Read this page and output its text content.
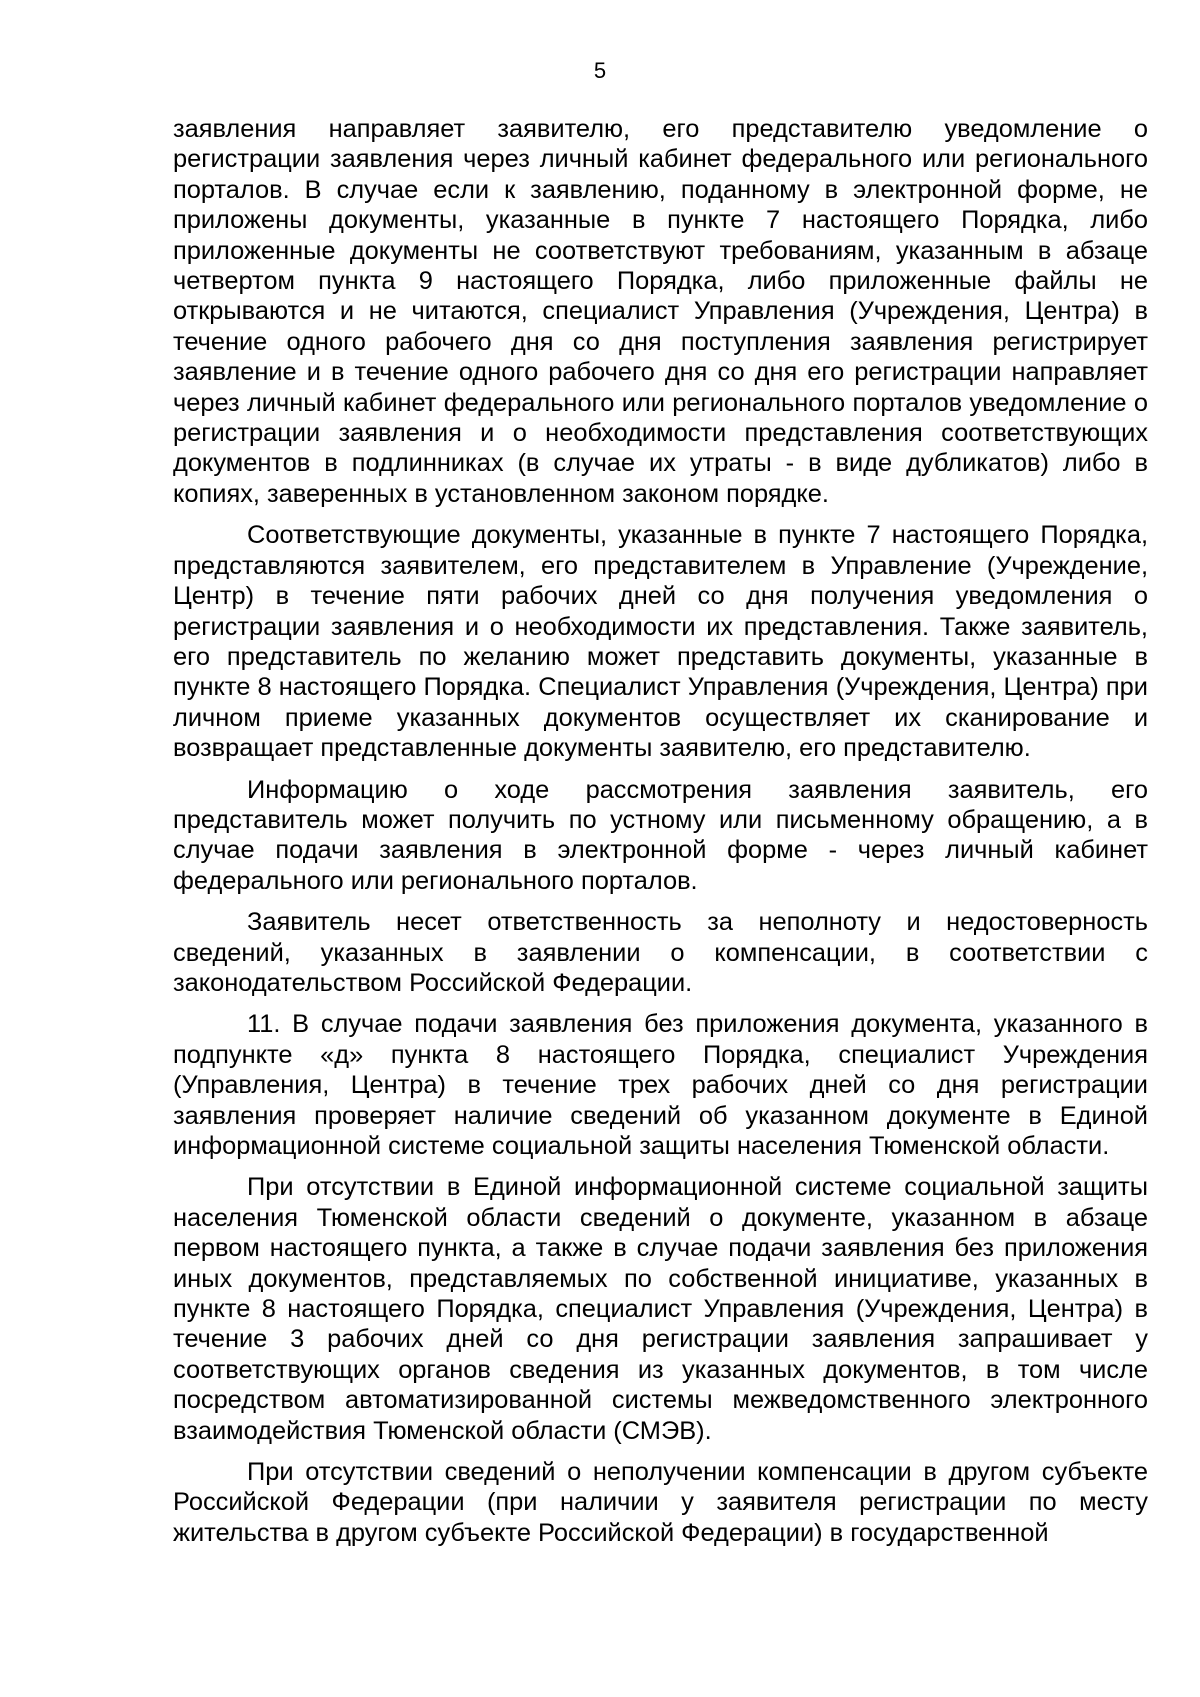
5

заявления направляет заявителю, его представителю уведомление о регистрации заявления через личный кабинет федерального или регионального порталов. В случае если к заявлению, поданному в электронной форме, не приложены документы, указанные в пункте 7 настоящего Порядка, либо приложенные документы не соответствуют требованиям, указанным в абзаце четвертом пункта 9 настоящего Порядка, либо приложенные файлы не открываются и не читаются, специалист Управления (Учреждения, Центра) в течение одного рабочего дня со дня поступления заявления регистрирует заявление и в течение одного рабочего дня со дня его регистрации направляет через личный кабинет федерального или регионального порталов уведомление о регистрации заявления и о необходимости представления соответствующих документов в подлинниках (в случае их утраты - в виде дубликатов) либо в копиях, заверенных в установленном законом порядке.

Соответствующие документы, указанные в пункте 7 настоящего Порядка, представляются заявителем, его представителем в Управление (Учреждение, Центр) в течение пяти рабочих дней со дня получения уведомления о регистрации заявления и о необходимости их представления. Также заявитель, его представитель по желанию может представить документы, указанные в пункте 8 настоящего Порядка. Специалист Управления (Учреждения, Центра) при личном приеме указанных документов осуществляет их сканирование и возвращает представленные документы заявителю, его представителю.

Информацию о ходе рассмотрения заявления заявитель, его представитель может получить по устному или письменному обращению, а в случае подачи заявления в электронной форме - через личный кабинет федерального или регионального порталов.

Заявитель несет ответственность за неполноту и недостоверность сведений, указанных в заявлении о компенсации, в соответствии с законодательством Российской Федерации.

11. В случае подачи заявления без приложения документа, указанного в подпункте «д» пункта 8 настоящего Порядка, специалист Учреждения (Управления, Центра) в течение трех рабочих дней со дня регистрации заявления проверяет наличие сведений об указанном документе в Единой информационной системе социальной защиты населения Тюменской области.

При отсутствии в Единой информационной системе социальной защиты населения Тюменской области сведений о документе, указанном в абзаце первом настоящего пункта, а также в случае подачи заявления без приложения иных документов, представляемых по собственной инициативе, указанных в пункте 8 настоящего Порядка, специалист Управления (Учреждения, Центра) в течение 3 рабочих дней со дня регистрации заявления запрашивает у соответствующих органов сведения из указанных документов, в том числе посредством автоматизированной системы межведомственного электронного взаимодействия Тюменской области (СМЭВ).

При отсутствии сведений о неполучении компенсации в другом субъекте Российской Федерации (при наличии у заявителя регистрации по месту жительства в другом субъекте Российской Федерации) в государственной
